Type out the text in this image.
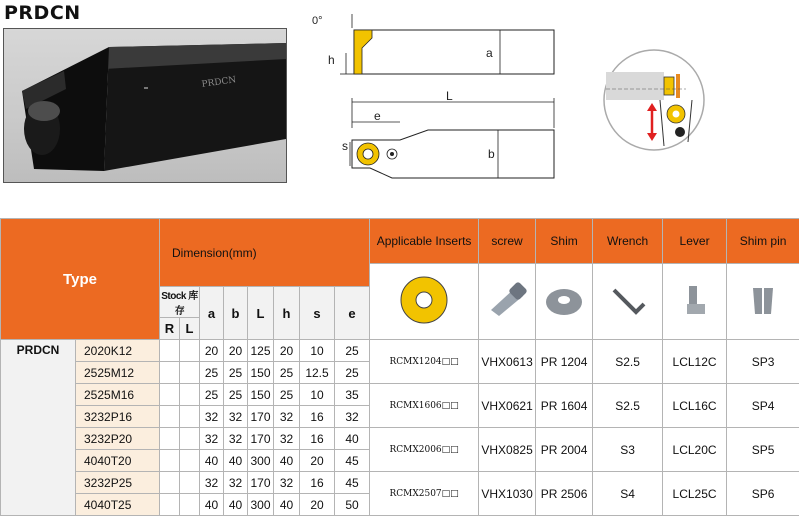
PRDCN
PRDCN
0°
h	a
L
e
s
b
Type		Dimension(mm)								Applicable Inserts	screw	Shim	Wrench	Lever	Shim pin

		Stock 库存		a	b	L	h	s	e						
		R	L												
PRDCN	2020K12			20	20	125	20	10	25	RCMX1204□□	VHX0613	PR 1204	S2.5	LCL12C	SP3
	2525M12			25	25	150	25	12.5	25						
	2525M16			25	25	150	25	10	35	RCMX1606□□	VHX0621	PR 1604	S2.5	LCL16C	SP4
	3232P16			32	32	170	32	16	32						
	3232P20			32	32	170	32	16	40	RCMX2006□□	VHX0825	PR 2004	S3	LCL20C	SP5
	4040T20			40	40	300	40	20	45						
	3232P25			32	32	170	32	16	45	RCMX2507□□	VHX1030	PR 2506	S4	LCL25C	SP6
	4040T25			40	40	300	40	20	50						
